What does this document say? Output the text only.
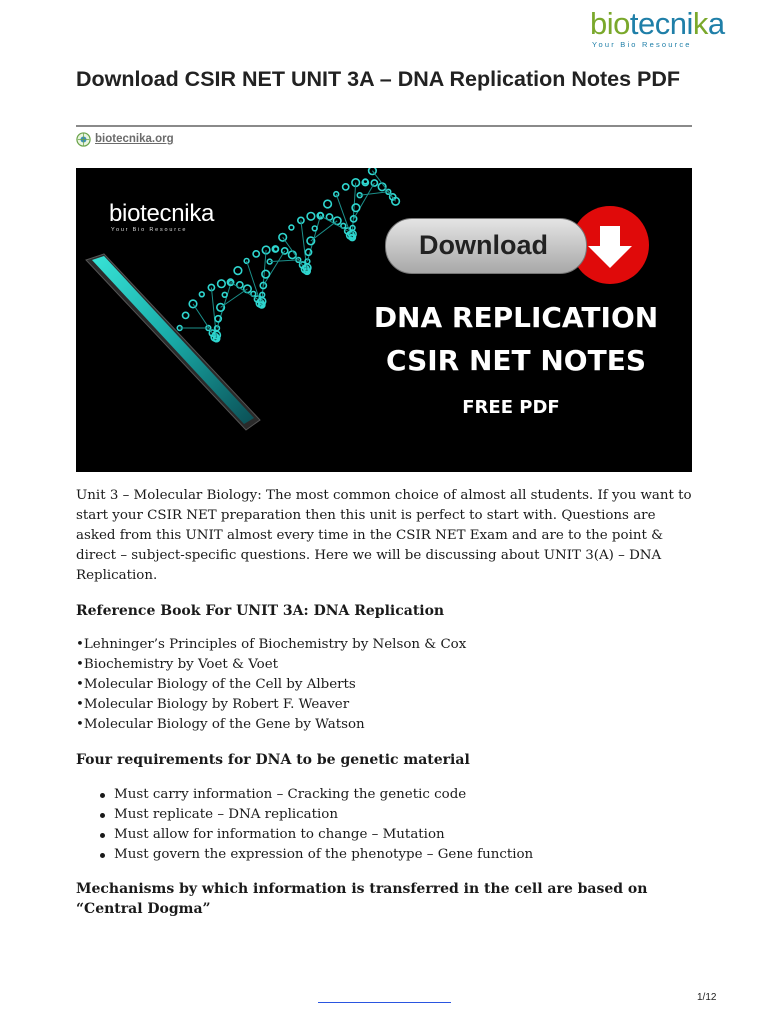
biotecnika
Your Bio Resource
Download CSIR NET UNIT 3A – DNA Replication Notes PDF
biotecnika.org
biotecnika
Your Bio Resource	Download
DNA REPLICATION
CSIR NET NOTES
FREE PDF

Unit 3 – Molecular Biology: The most common choice of almost all students. If you want to start your CSIR NET preparation then this unit is perfect to start with. Questions are asked from this UNIT almost every time in the CSIR NET Exam and are to the point & direct – subject-specific questions. Here we will be discussing about UNIT 3(A) – DNA Replication.

Reference Book For UNIT 3A: DNA Replication
• Lehninger’s Principles of Biochemistry by Nelson & Cox
• Biochemistry by Voet & Voet
• Molecular Biology of the Cell by Alberts
• Molecular Biology by Robert F. Weaver
• Molecular Biology of the Gene by Watson
Four requirements for DNA to be genetic material
Must carry information – Cracking the genetic code
Must replicate – DNA replication
Must allow for information to change – Mutation
Must govern the expression of the phenotype – Gene function
Mechanisms by which information is transferred in the cell are based on “Central Dogma”
1/12
